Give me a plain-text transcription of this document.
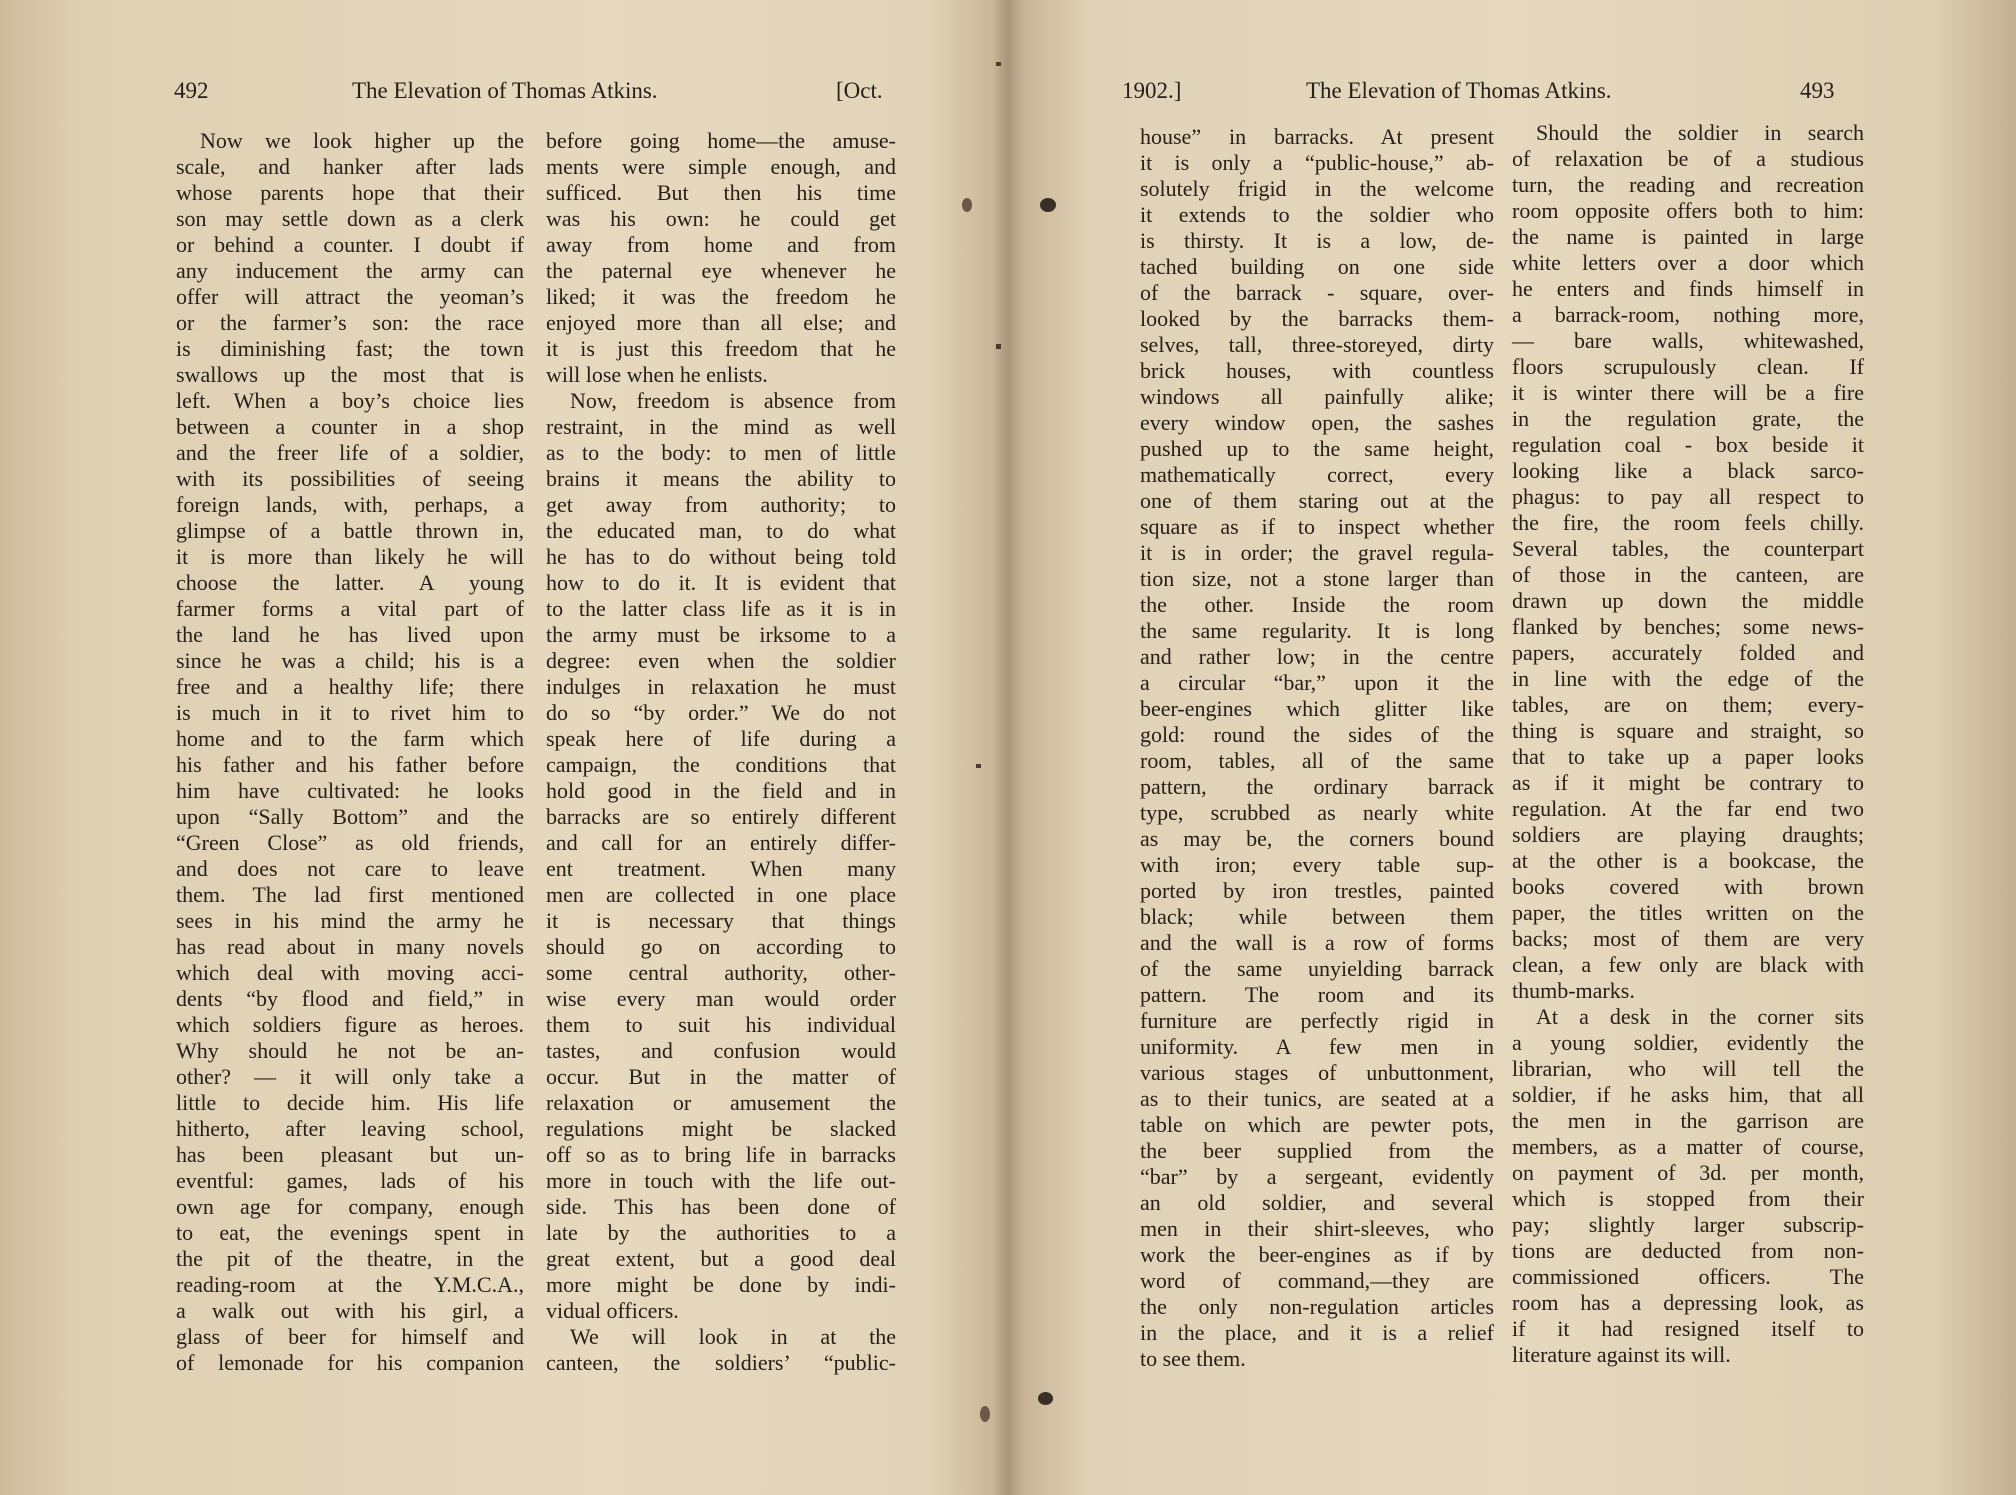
492	The Elevation of Thomas Atkins.	[Oct.
Now we look higher up the
scale, and hanker after lads
whose parents hope that their
son may settle down as a clerk
or behind a counter. I doubt if
any inducement the army can
offer will attract the yeoman’s
or the farmer’s son: the race
is diminishing fast; the town
swallows up the most that is
left. When a boy’s choice lies
between a counter in a shop
and the freer life of a soldier,
with its possibilities of seeing
foreign lands, with, perhaps, a
glimpse of a battle thrown in,
it is more than likely he will
choose the latter. A young
farmer forms a vital part of
the land he has lived upon
since he was a child; his is a
free and a healthy life; there
is much in it to rivet him to
home and to the farm which
his father and his father before
him have cultivated: he looks
upon “Sally Bottom” and the
“Green Close” as old friends,
and does not care to leave
them. The lad first mentioned
sees in his mind the army he
has read about in many novels
which deal with moving acci-
dents “by flood and field,” in
which soldiers figure as heroes.
Why should he not be an-
other? — it will only take a
little to decide him. His life
hitherto, after leaving school,
has been pleasant but un-
eventful: games, lads of his
own age for company, enough
to eat, the evenings spent in
the pit of the theatre, in the
reading-room at the Y.M.C.A.,
a walk out with his girl, a
glass of beer for himself and
of lemonade for his companion
before going home—the amuse-
ments were simple enough, and
sufficed. But then his time
was his own: he could get
away from home and from
the paternal eye whenever he
liked; it was the freedom he
enjoyed more than all else; and
it is just this freedom that he
will lose when he enlists.
Now, freedom is absence from
restraint, in the mind as well
as to the body: to men of little
brains it means the ability to
get away from authority; to
the educated man, to do what
he has to do without being told
how to do it. It is evident that
to the latter class life as it is in
the army must be irksome to a
degree: even when the soldier
indulges in relaxation he must
do so “by order.” We do not
speak here of life during a
campaign, the conditions that
hold good in the field and in
barracks are so entirely different
and call for an entirely differ-
ent treatment. When many
men are collected in one place
it is necessary that things
should go on according to
some central authority, other-
wise every man would order
them to suit his individual
tastes, and confusion would
occur. But in the matter of
relaxation or amusement the
regulations might be slacked
off so as to bring life in barracks
more in touch with the life out-
side. This has been done of
late by the authorities to a
great extent, but a good deal
more might be done by indi-
vidual officers.
We will look in at the
canteen, the soldiers’ “public-
1902.]	The Elevation of Thomas Atkins.	493
house” in barracks. At present
it is only a “public-house,” ab-
solutely frigid in the welcome
it extends to the soldier who
is thirsty. It is a low, de-
tached building on one side
of the barrack - square, over-
looked by the barracks them-
selves, tall, three-storeyed, dirty
brick houses, with countless
windows all painfully alike;
every window open, the sashes
pushed up to the same height,
mathematically correct, every
one of them staring out at the
square as if to inspect whether
it is in order; the gravel regula-
tion size, not a stone larger than
the other. Inside the room
the same regularity. It is long
and rather low; in the centre
a circular “bar,” upon it the
beer-engines which glitter like
gold: round the sides of the
room, tables, all of the same
pattern, the ordinary barrack
type, scrubbed as nearly white
as may be, the corners bound
with iron; every table sup-
ported by iron trestles, painted
black; while between them
and the wall is a row of forms
of the same unyielding barrack
pattern. The room and its
furniture are perfectly rigid in
uniformity. A few men in
various stages of unbuttonment,
as to their tunics, are seated at a
table on which are pewter pots,
the beer supplied from the
“bar” by a sergeant, evidently
an old soldier, and several
men in their shirt-sleeves, who
work the beer-engines as if by
word of command,—they are
the only non-regulation articles
in the place, and it is a relief
to see them.
Should the soldier in search
of relaxation be of a studious
turn, the reading and recreation
room opposite offers both to him:
the name is painted in large
white letters over a door which
he enters and finds himself in
a barrack-room, nothing more,
— bare walls, whitewashed,
floors scrupulously clean. If
it is winter there will be a fire
in the regulation grate, the
regulation coal - box beside it
looking like a black sarco-
phagus: to pay all respect to
the fire, the room feels chilly.
Several tables, the counterpart
of those in the canteen, are
drawn up down the middle
flanked by benches; some news-
papers, accurately folded and
in line with the edge of the
tables, are on them; every-
thing is square and straight, so
that to take up a paper looks
as if it might be contrary to
regulation. At the far end two
soldiers are playing draughts;
at the other is a bookcase, the
books covered with brown
paper, the titles written on the
backs; most of them are very
clean, a few only are black with
thumb-marks.
At a desk in the corner sits
a young soldier, evidently the
librarian, who will tell the
soldier, if he asks him, that all
the men in the garrison are
members, as a matter of course,
on payment of 3d. per month,
which is stopped from their
pay; slightly larger subscrip-
tions are deducted from non-
commissioned officers. The
room has a depressing look, as
if it had resigned itself to
literature against its will.
